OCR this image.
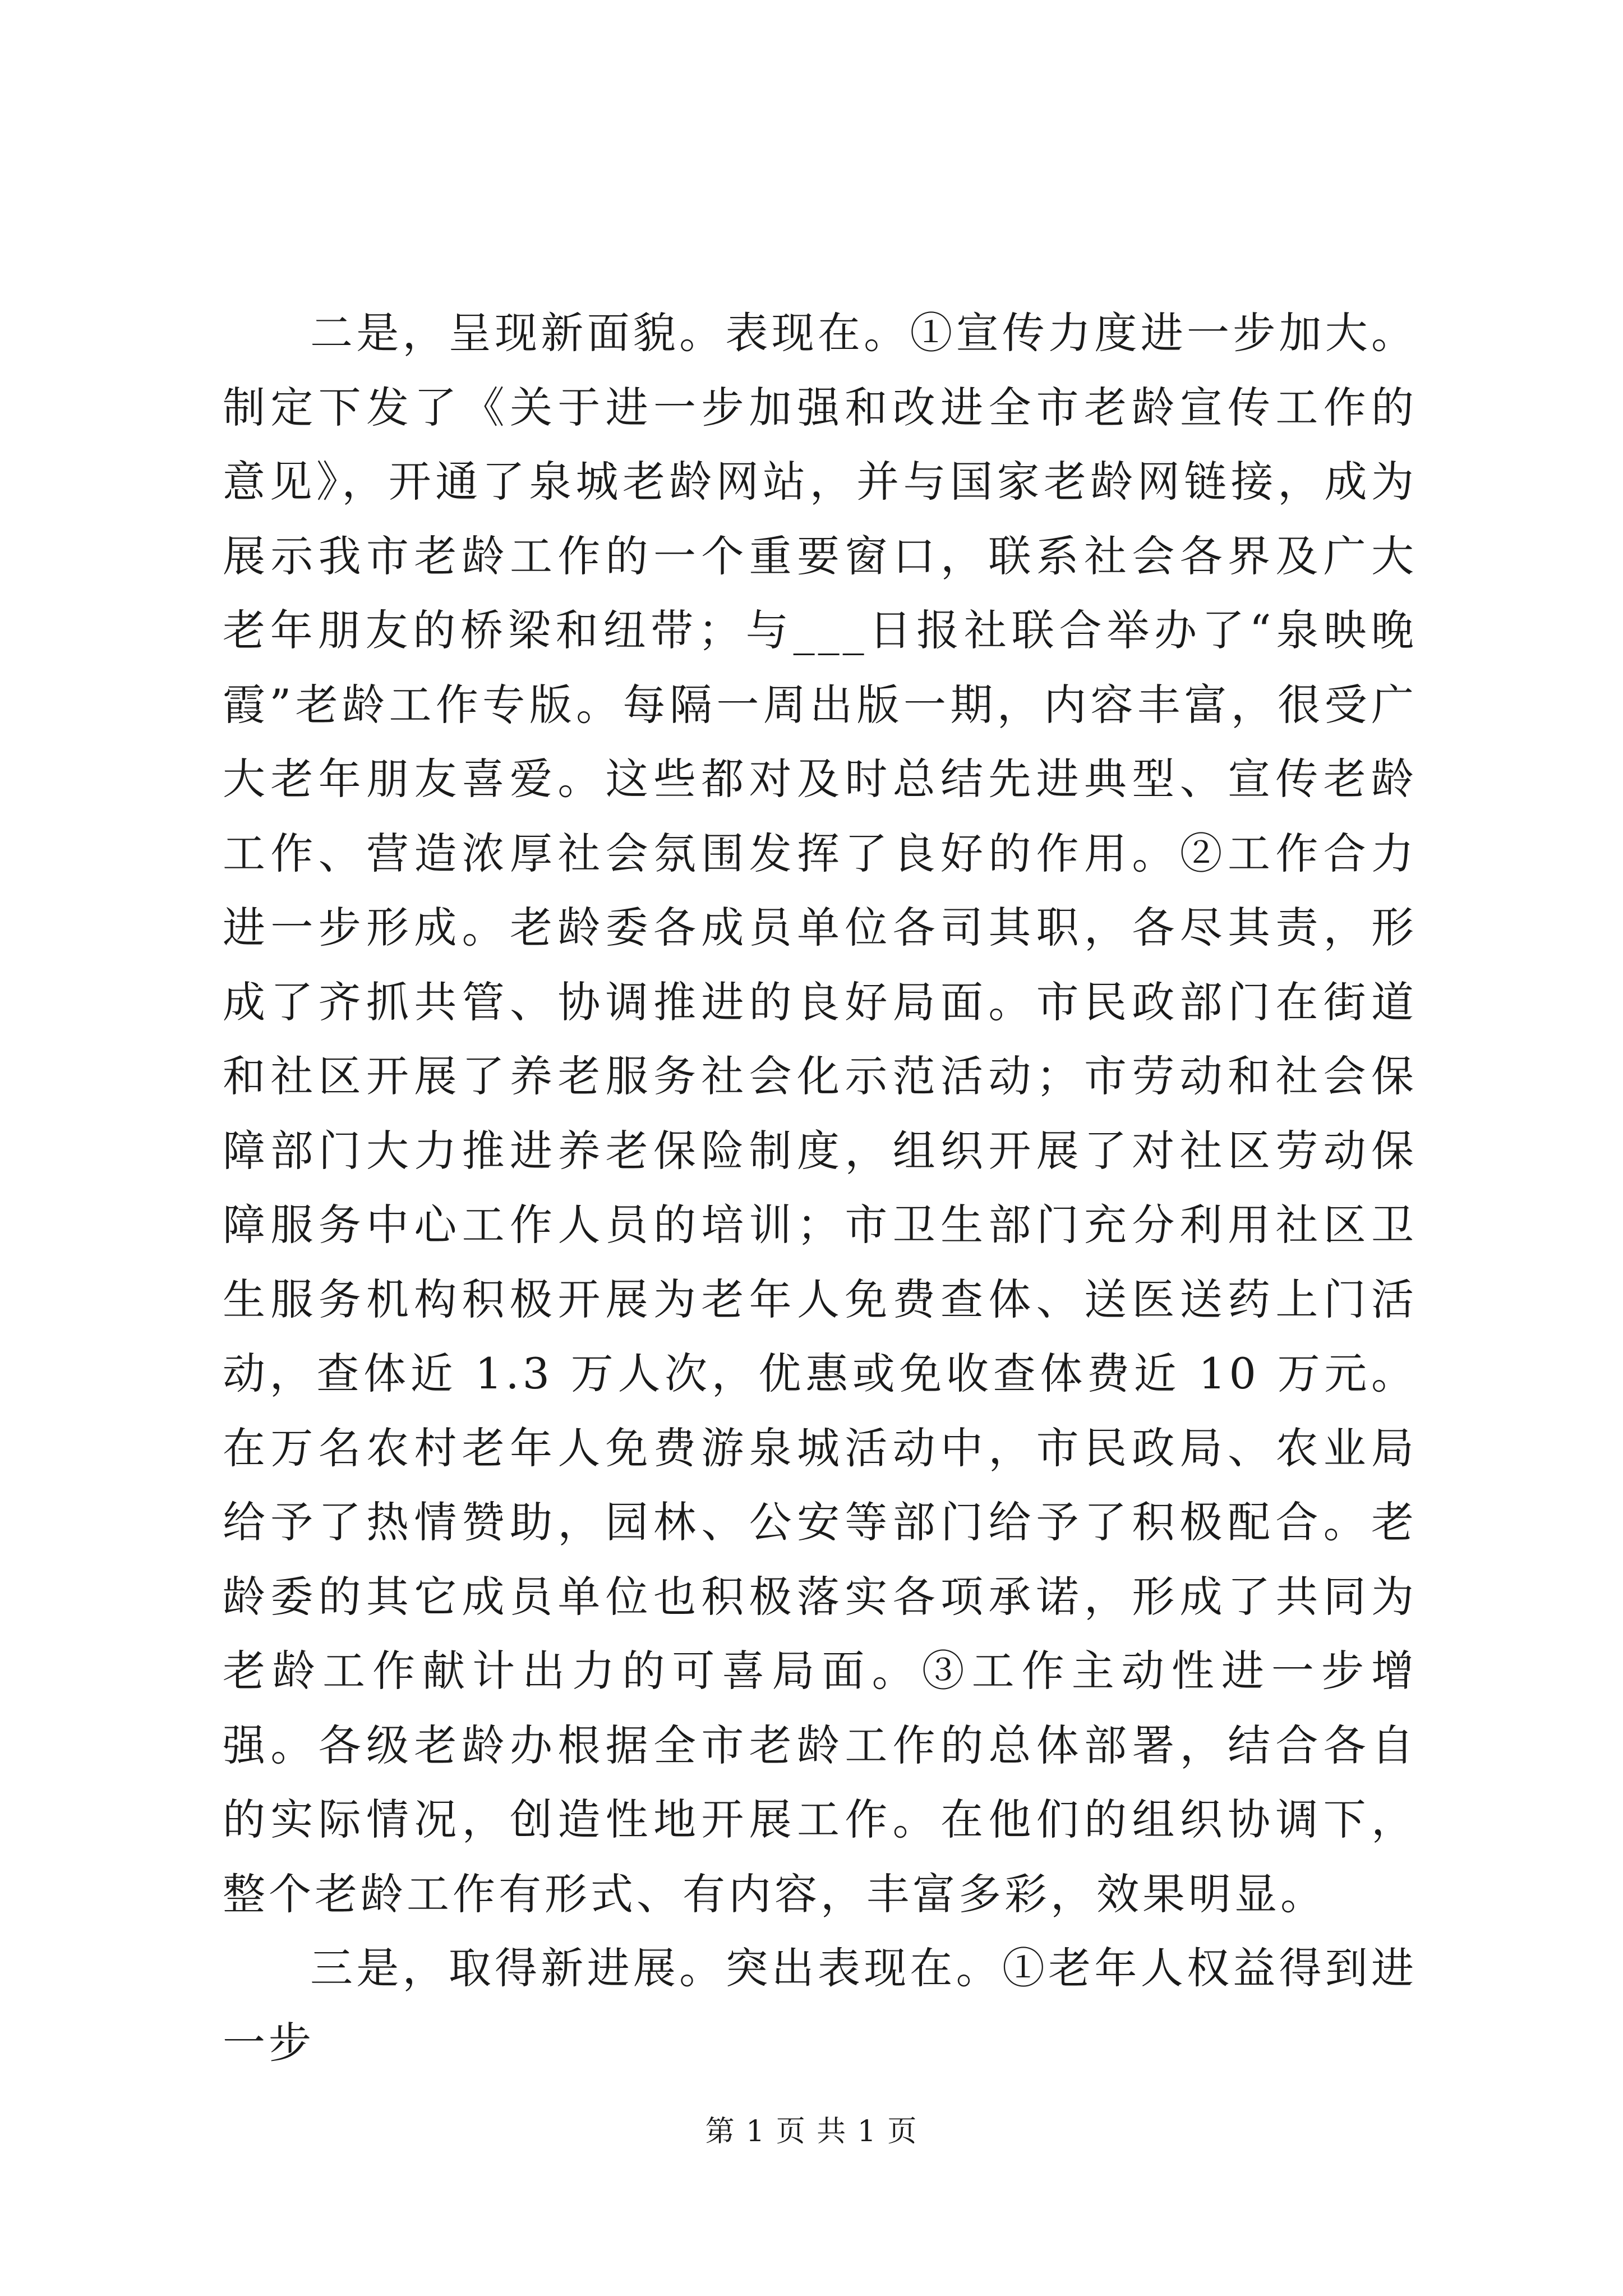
二是，呈现新面貌。表现在。①宣传力度进一步加大。制定下发了《关于进一步加强和改进全市老龄宣传工作的意见》，开通了泉城老龄网站，并与国家老龄网链接，成为展示我市老龄工作的一个重要窗口，联系社会各界及广大老年朋友的桥梁和纽带；与___日报社联合举办了“泉映晚霞”老龄工作专版。每隔一周出版一期，内容丰富，很受广大老年朋友喜爱。这些都对及时总结先进典型、宣传老龄工作、营造浓厚社会氛围发挥了良好的作用。②工作合力进一步形成。老龄委各成员单位各司其职，各尽其责，形成了齐抓共管、协调推进的良好局面。市民政部门在街道和社区开展了养老服务社会化示范活动；市劳动和社会保障部门大力推进养老保险制度，组织开展了对社区劳动保障服务中心工作人员的培训；市卫生部门充分利用社区卫生服务机构积极开展为老年人免费查体、送医送药上门活动，查体近 1.3 万人次，优惠或免收查体费近 10 万元。在万名农村老年人免费游泉城活动中，市民政局、农业局给予了热情赞助，园林、公安等部门给予了积极配合。老龄委的其它成员单位也积极落实各项承诺，形成了共同为老龄工作献计出力的可喜局面。③工作主动性进一步增强。各级老龄办根据全市老龄工作的总体部署，结合各自的实际情况，创造性地开展工作。在他们的组织协调下，整个老龄工作有形式、有内容，丰富多彩，效果明显。

三是，取得新进展。突出表现在。①老年人权益得到进一步

第 1 页 共 1 页
